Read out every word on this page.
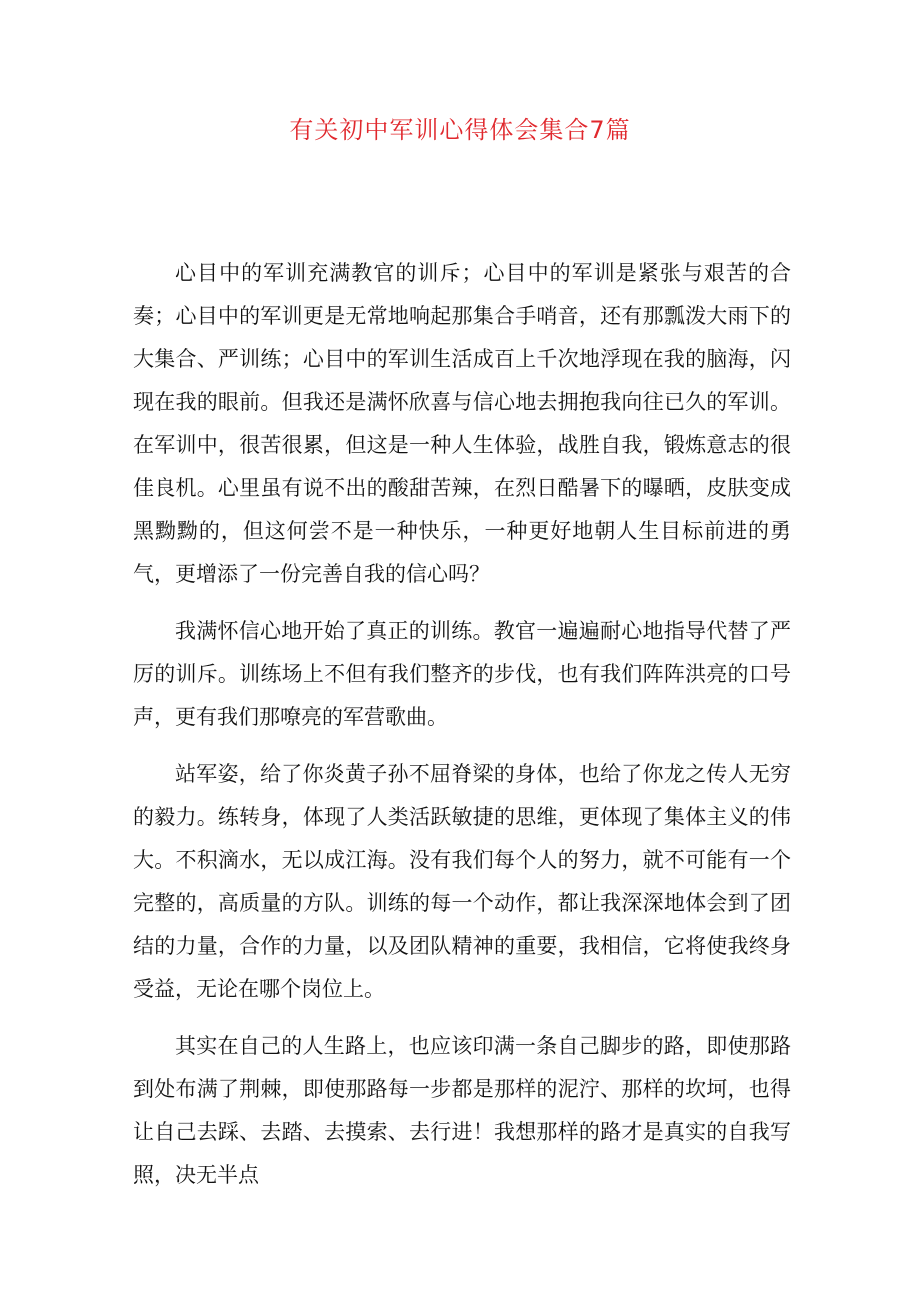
有关初中军训心得体会集合7篇

心目中的军训充满教官的训斥；心目中的军训是紧张与艰苦的合奏；心目中的军训更是无常地响起那集合手哨音，还有那瓢泼大雨下的大集合、严训练；心目中的军训生活成百上千次地浮现在我的脑海，闪现在我的眼前。但我还是满怀欣喜与信心地去拥抱我向往已久的军训。在军训中，很苦很累，但这是一种人生体验，战胜自我，锻炼意志的很佳良机。心里虽有说不出的酸甜苦辣，在烈日酷暑下的曝晒，皮肤变成黑黝黝的，但这何尝不是一种快乐，一种更好地朝人生目标前进的勇气，更增添了一份完善自我的信心吗？

我满怀信心地开始了真正的训练。教官一遍遍耐心地指导代替了严厉的训斥。训练场上不但有我们整齐的步伐，也有我们阵阵洪亮的口号声，更有我们那嘹亮的军营歌曲。

站军姿，给了你炎黄子孙不屈脊梁的身体，也给了你龙之传人无穷的毅力。练转身，体现了人类活跃敏捷的思维，更体现了集体主义的伟大。不积滴水，无以成江海。没有我们每个人的努力，就不可能有一个完整的，高质量的方队。训练的每一个动作，都让我深深地体会到了团结的力量，合作的力量，以及团队精神的重要，我相信，它将使我终身受益，无论在哪个岗位上。

其实在自己的人生路上，也应该印满一条自己脚步的路，即使那路到处布满了荆棘，即使那路每一步都是那样的泥泞、那样的坎坷，也得让自己去踩、去踏、去摸索、去行进！我想那样的路才是真实的自我写照，决无半点
